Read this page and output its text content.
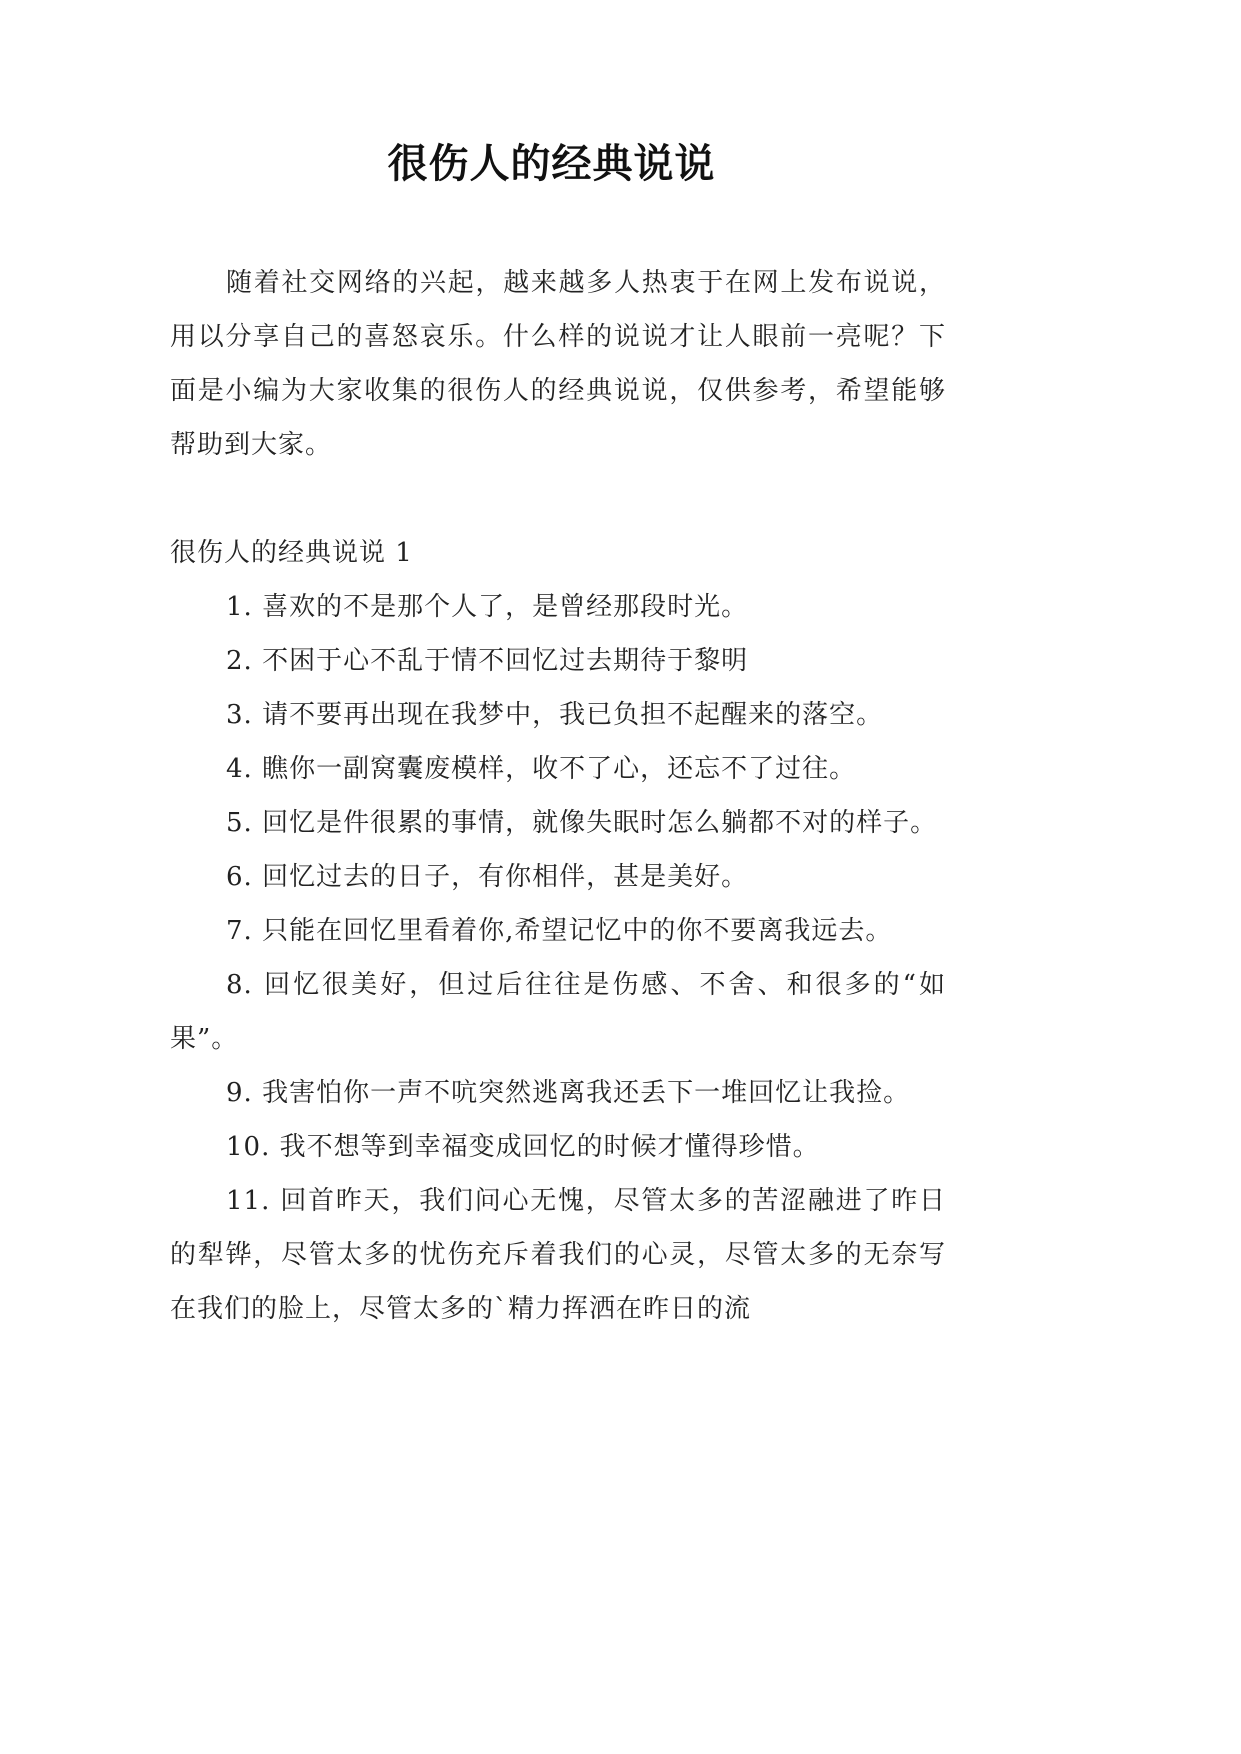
很伤人的经典说说

随着社交网络的兴起，越来越多人热衷于在网上发布说说，用以分享自己的喜怒哀乐。什么样的说说才让人眼前一亮呢？下面是小编为大家收集的很伤人的经典说说，仅供参考，希望能够帮助到大家。

很伤人的经典说说 1

1. 喜欢的不是那个人了，是曾经那段时光。

2. 不困于心不乱于情不回忆过去期待于黎明

3. 请不要再出现在我梦中，我已负担不起醒来的落空。

4. 瞧你一副窝囊废模样，收不了心，还忘不了过往。

5. 回忆是件很累的事情，就像失眠时怎么躺都不对的样子。

6. 回忆过去的日子，有你相伴，甚是美好。

7. 只能在回忆里看着你,希望记忆中的你不要离我远去。

8. 回忆很美好，但过后往往是伤感、不舍、和很多的“如果”。

9. 我害怕你一声不吭突然逃离我还丢下一堆回忆让我捡。

10. 我不想等到幸福变成回忆的时候才懂得珍惜。

11. 回首昨天，我们问心无愧，尽管太多的苦涩融进了昨日的犁铧，尽管太多的忧伤充斥着我们的心灵，尽管太多的无奈写在我们的脸上，尽管太多的`精力挥洒在昨日的流
